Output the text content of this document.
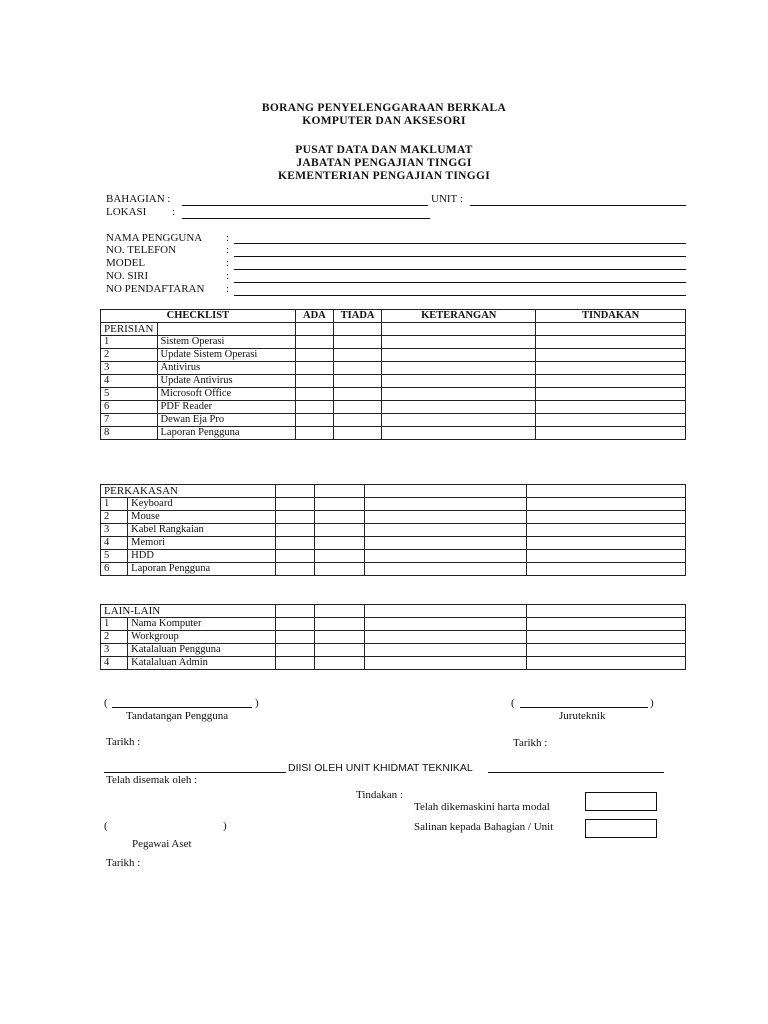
BORANG PENYELENGGARAAN BERKALA
KOMPUTER DAN AKSESORI
PUSAT DATA DAN MAKLUMAT
JABATAN PENGAJIAN TINGGI
KEMENTERIAN PENGAJIAN TINGGI
BAHAGIAN :	UNIT :
LOKASI :
NAMA PENGGUNA :
NO. TELEFON	:
MODEL	:
NO. SIRI	:
NO PENDAFTARAN :
CHECKLIST		ADA	TIADA	KETERANGAN	TINDAKAN
PERISIAN					
1	Sistem Operasi				
2	Update Sistem Operasi				
3	Antivirus				
4	Update Antivirus				
5	Microsoft Office				
6	PDF Reader				
7	Dewan Eja Pro				
8	Laporan Pengguna				
PERKAKASAN					
1	Keyboard				
2	Mouse				
3	Kabel Rangkaian				
4	Memori				
5	HDD				
6	Laporan Pengguna				
LAIN-LAIN					
1	Nama Komputer				
2	Workgroup				
3	Katalaluan Pengguna				
4	Katalaluan Admin				
(	)
Tandatangan Pengguna
(	)
Juruteknik
Tarikh :	Tarikh :
DIISI OLEH UNIT KHIDMAT TEKNIKAL
Telah disemak oleh :
Tindakan :
Telah dikemaskini harta modal
Salinan kepada Bahagian / Unit
(	)
Pegawai Aset
Tarikh :
